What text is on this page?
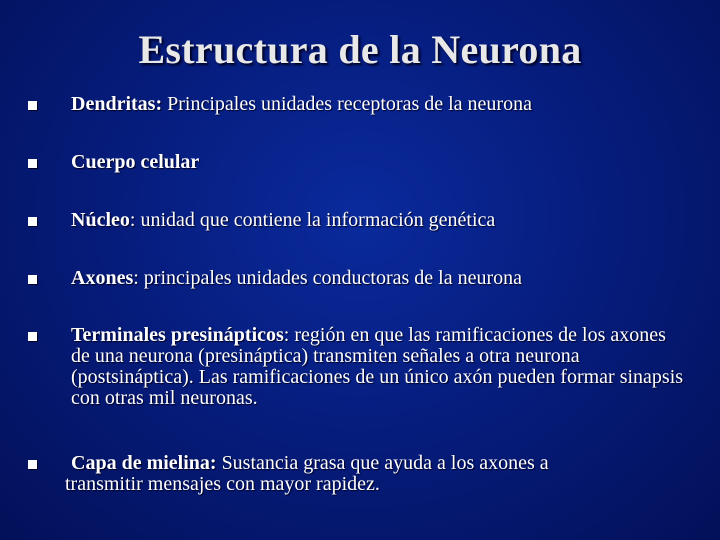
Estructura de la Neurona
Dendritas: Principales unidades receptoras de la neurona
Cuerpo celular
Núcleo: unidad que contiene la información genética
Axones: principales unidades conductoras de la neurona
Terminales presinápticos: región en que las ramificaciones de los axones de una neurona (presináptica) transmiten señales a otra neurona (postsináptica). Las ramificaciones de un único axón pueden formar sinapsis con otras mil neuronas.
Capa de mielina: Sustancia grasa que ayuda a los axones a
transmitir mensajes con mayor rapidez.
